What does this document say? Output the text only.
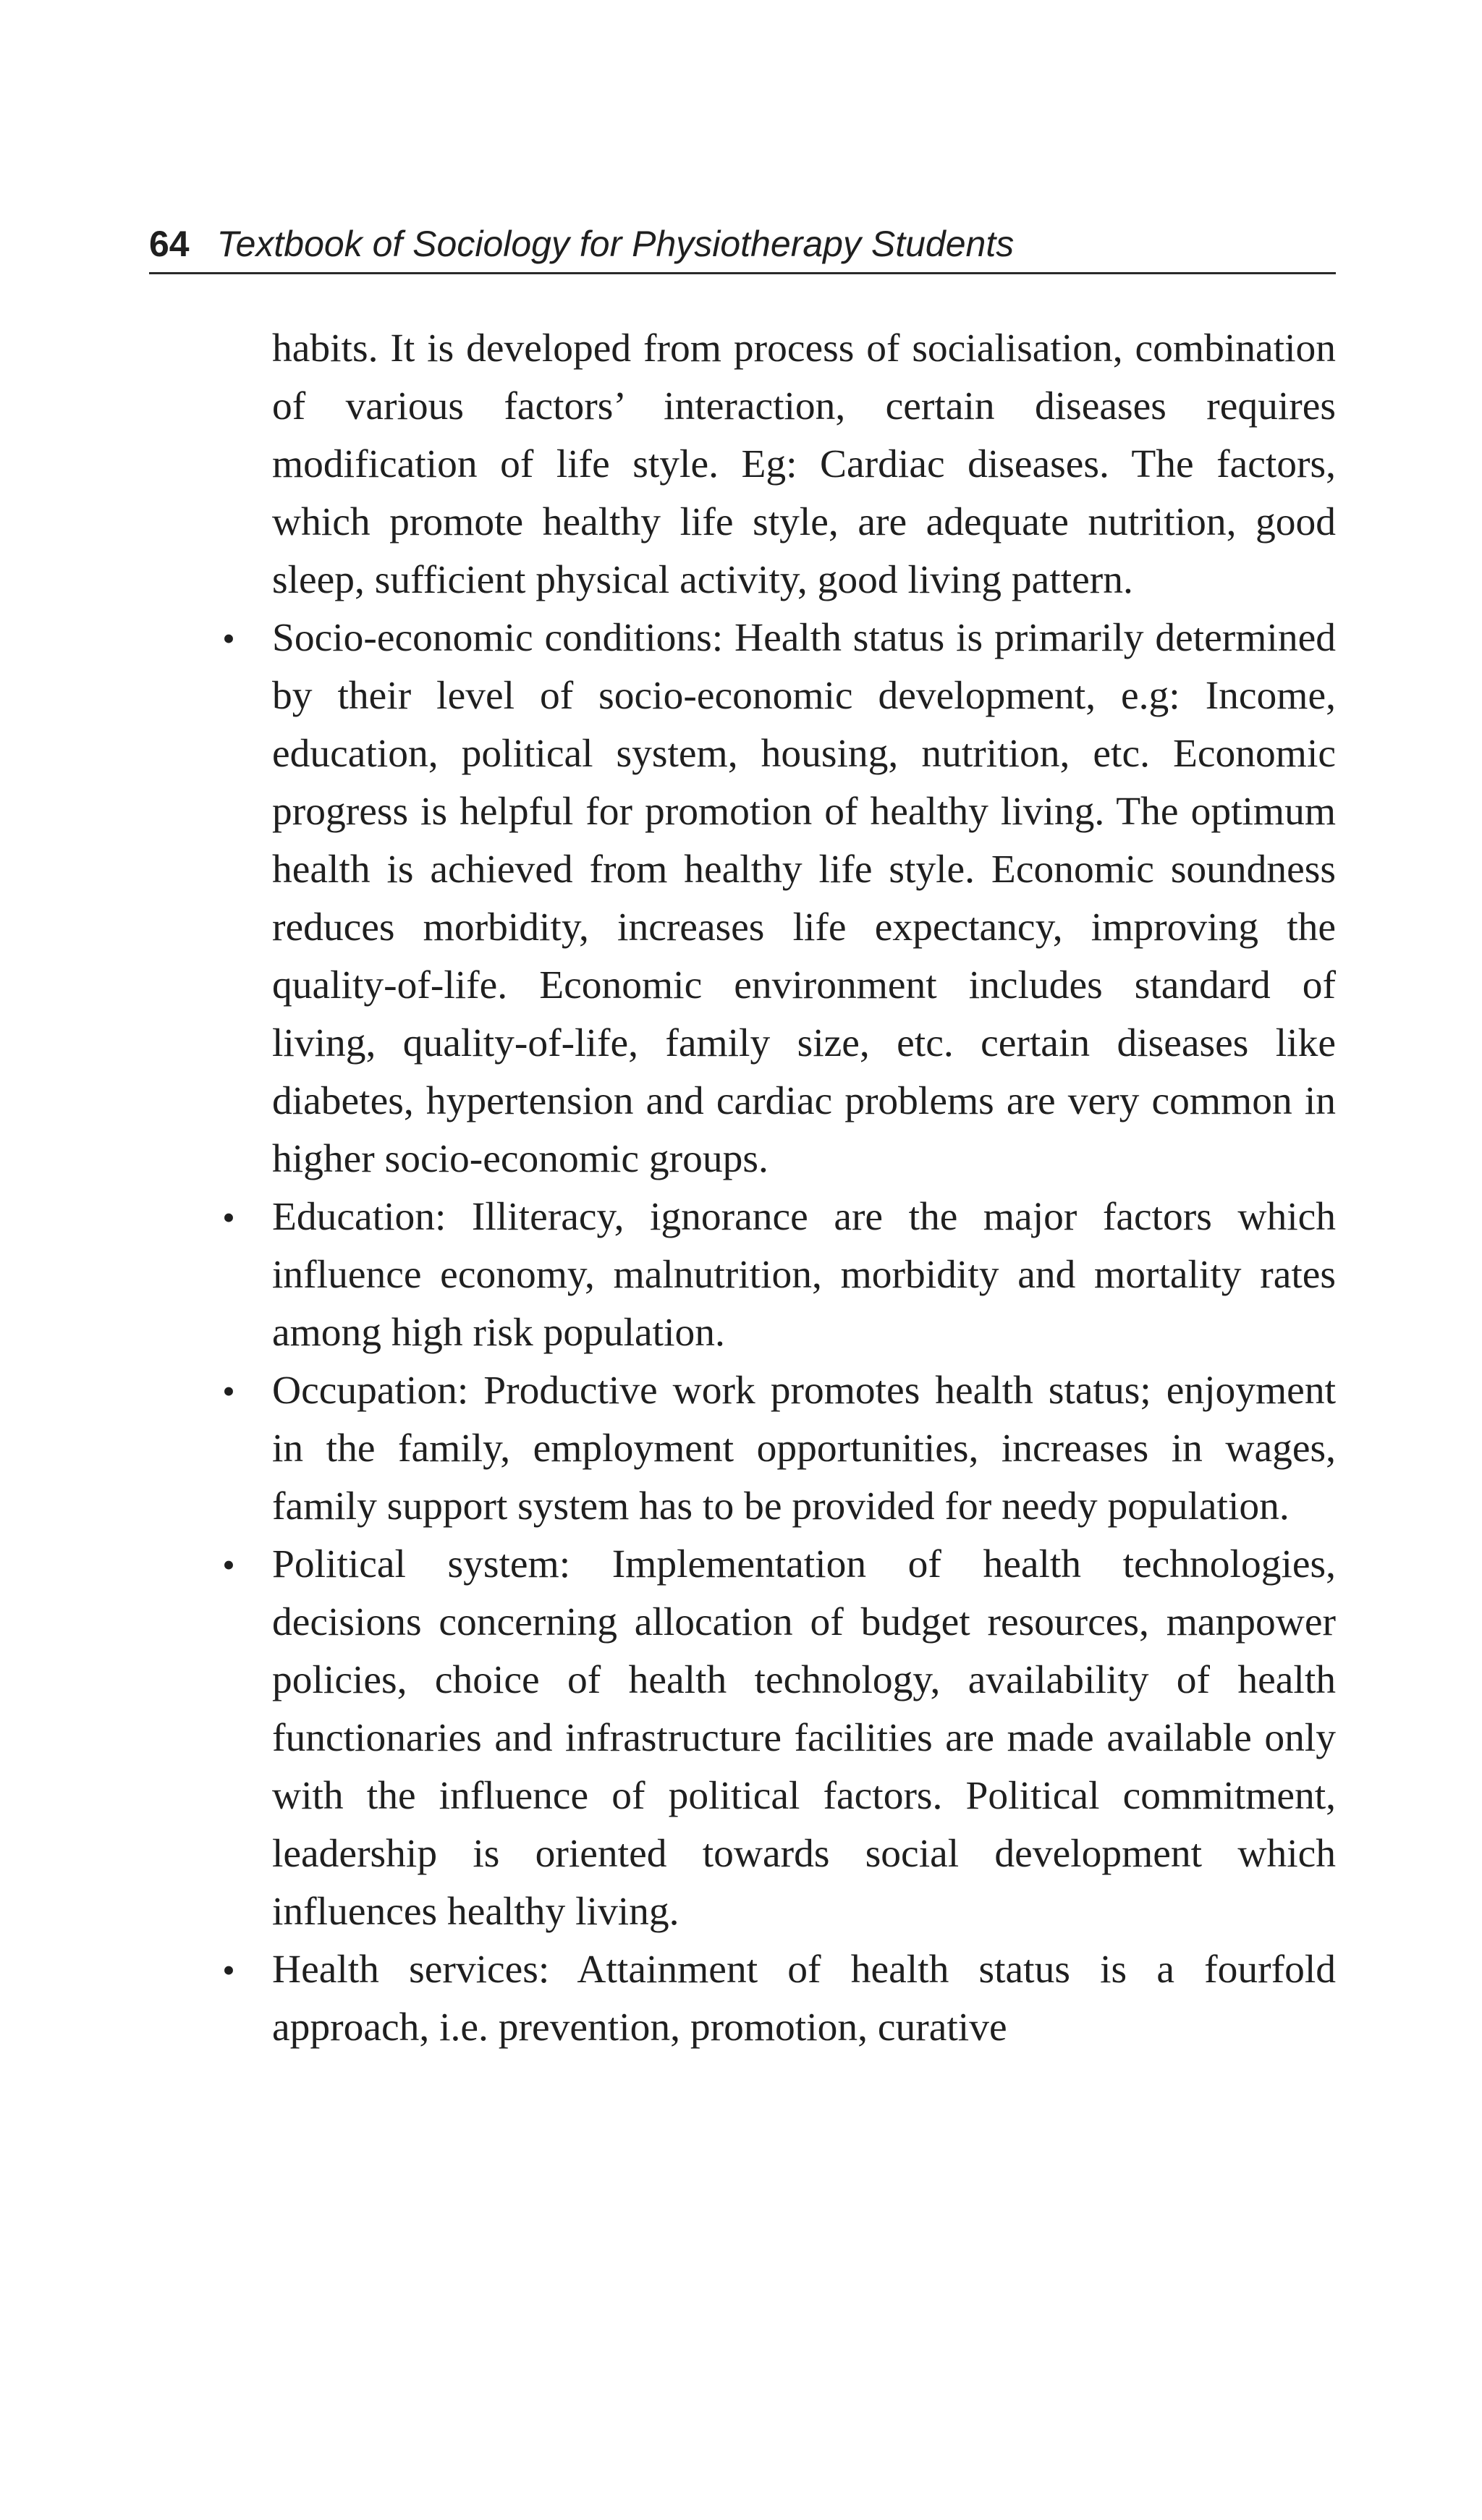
64 Textbook of Sociology for Physiotherapy Students

habits. It is developed from process of socialisation, combination of various factors’ interaction, certain diseases requires modification of life style. Eg: Cardiac diseases. The factors, which promote healthy life style, are adequate nutrition, good sleep, sufficient physical activity, good living pattern.

• Socio-economic conditions: Health status is primarily determined by their level of socio-economic development, e.g: Income, education, political system, housing, nutrition, etc. Economic progress is helpful for promotion of healthy living. The optimum health is achieved from healthy life style. Economic soundness reduces morbidity, increases life expectancy, improving the quality-of-life. Economic environment includes standard of living, quality-of-life, family size, etc. certain diseases like diabetes, hypertension and cardiac problems are very common in higher socio-economic groups.
• Education: Illiteracy, ignorance are the major factors which influence economy, malnutrition, morbidity and mortality rates among high risk population.
• Occupation: Productive work promotes health status; enjoyment in the family, employment opportunities, increases in wages, family support system has to be provided for needy population.
• Political system: Implementation of health technologies, decisions concerning allocation of budget resources, manpower policies, choice of health technology, availability of health functionaries and infrastructure facilities are made available only with the influence of political factors. Political commitment, leadership is oriented towards social development which influences healthy living.
• Health services: Attainment of health status is a fourfold approach, i.e. prevention, promotion, curative
